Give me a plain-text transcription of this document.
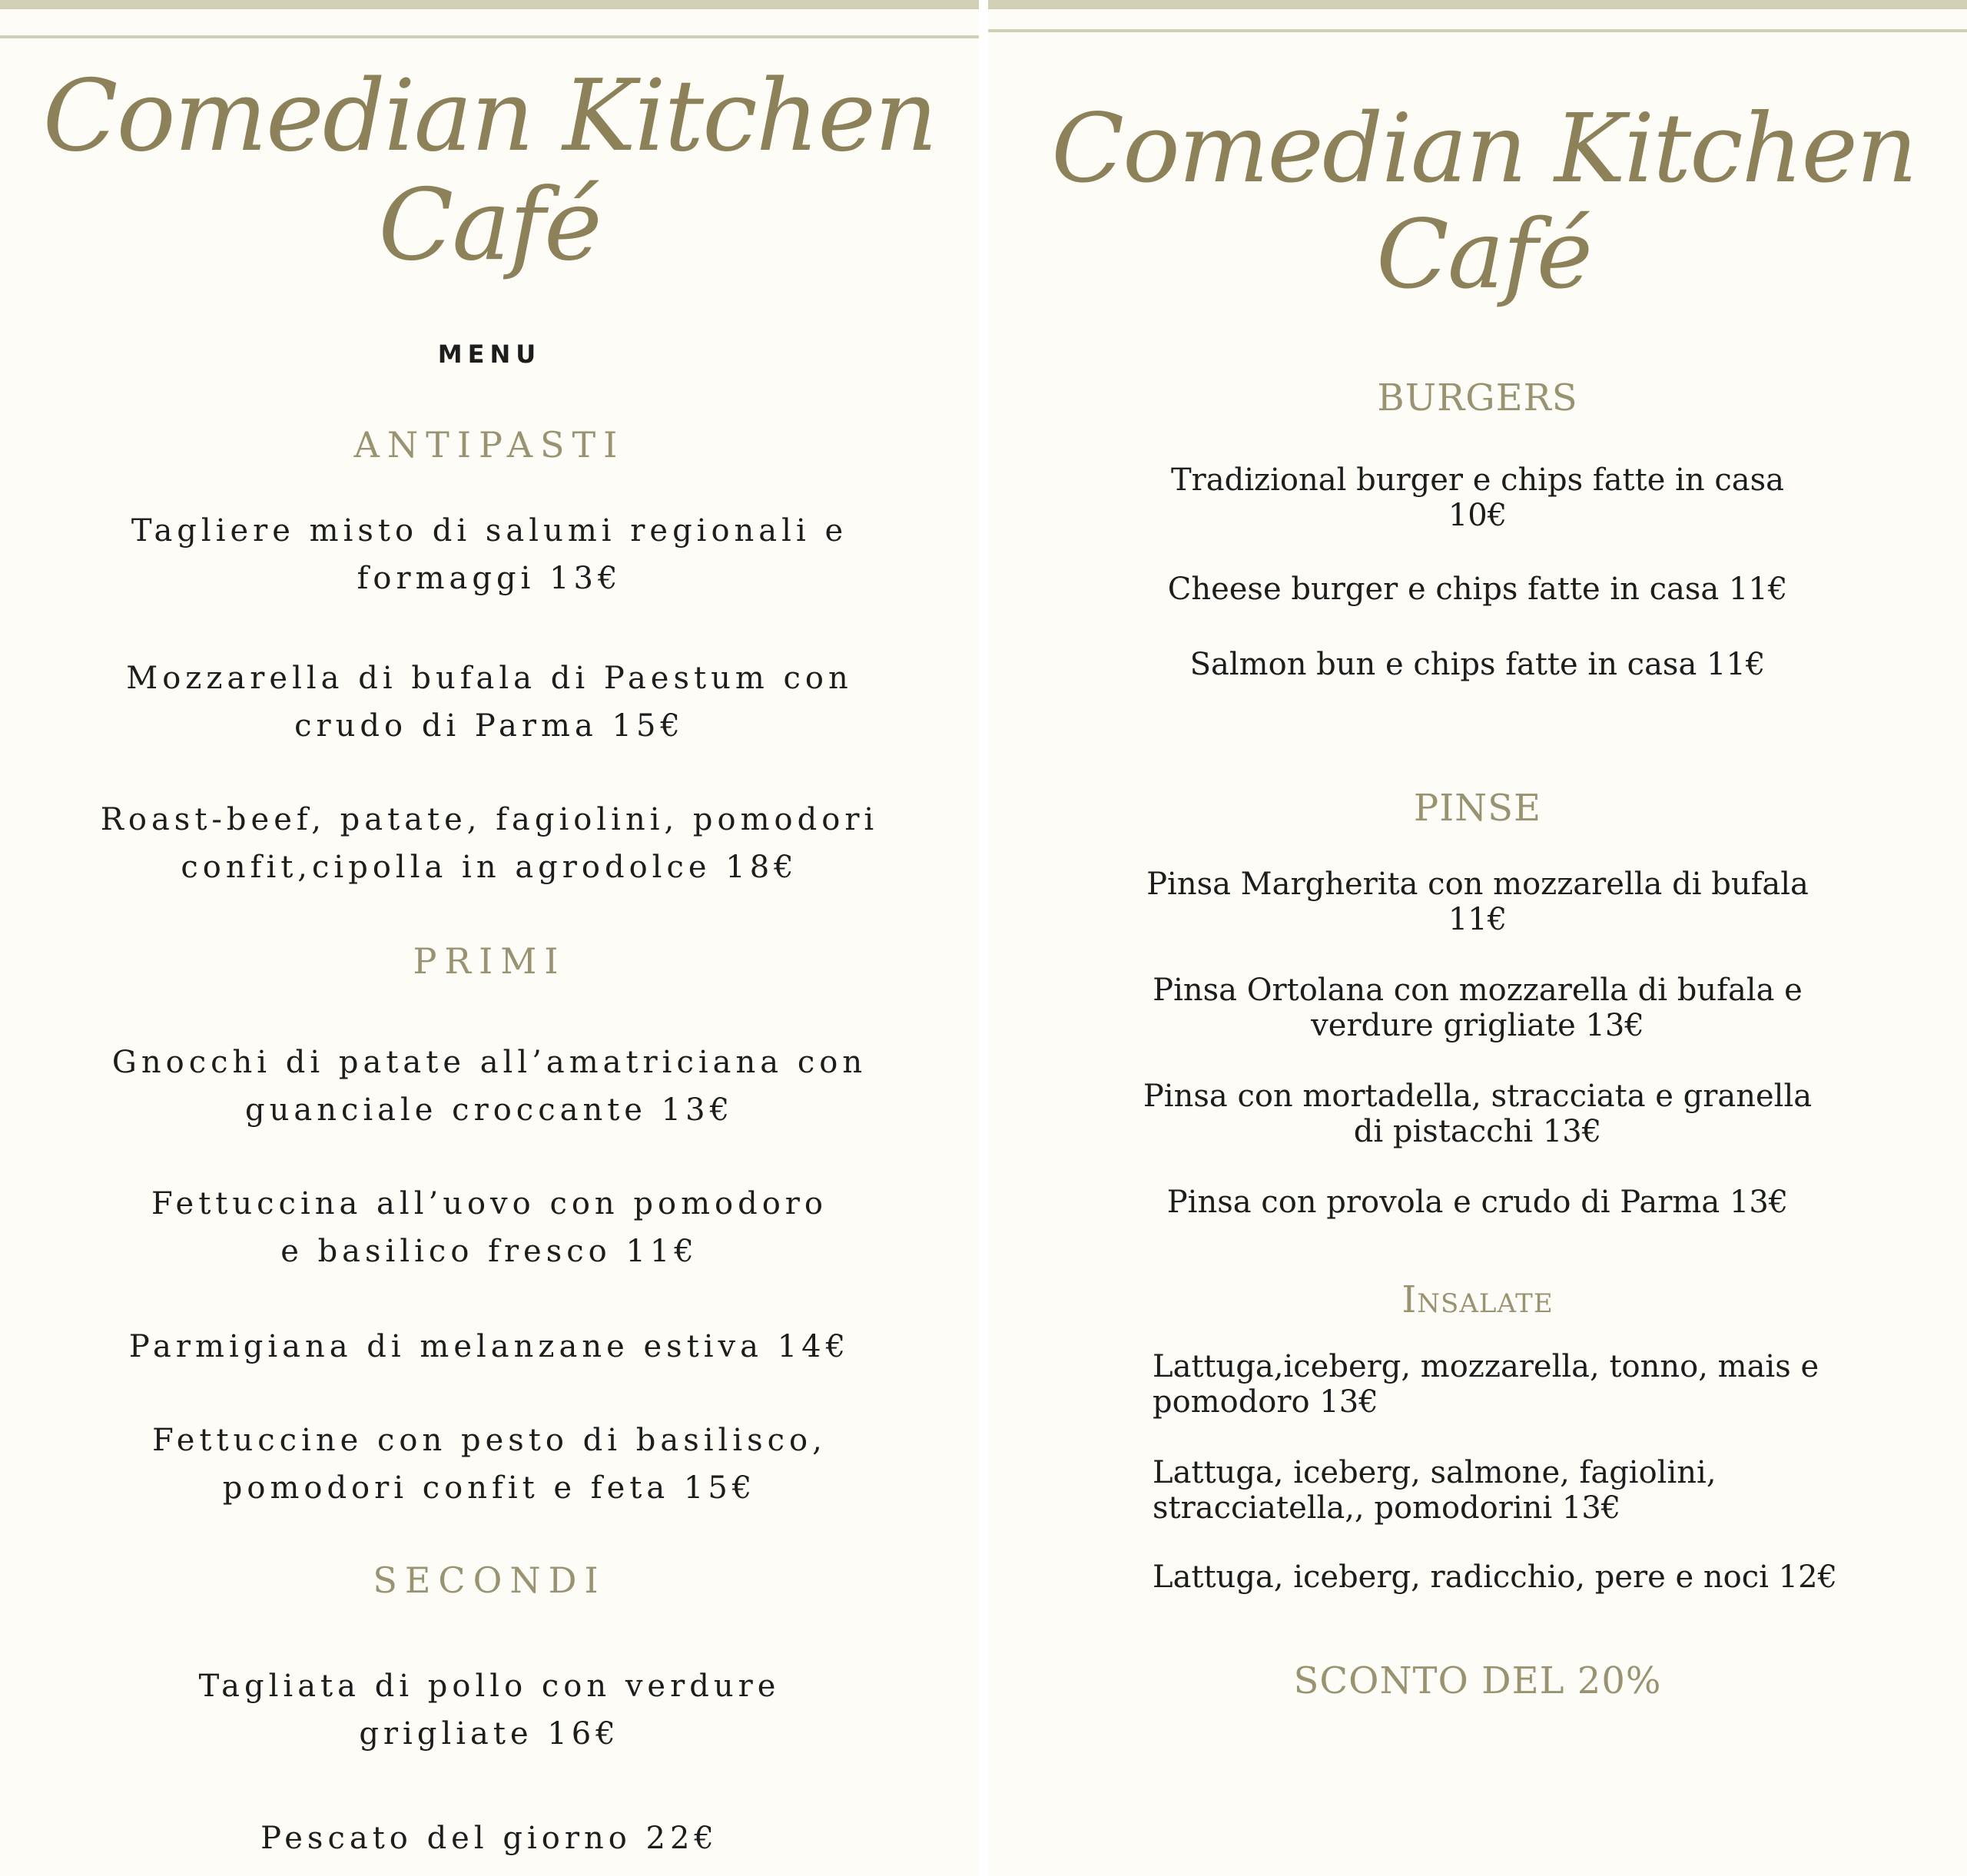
Comedian Kitchen
Café
MENU
ANTIPASTI
Tagliere misto di salumi regionali e
formaggi 13€
Mozzarella di bufala di Paestum con
crudo di Parma 15€
Roast-beef, patate, fagiolini, pomodori
confit,cipolla in agrodolce 18€
PRIMI
Gnocchi di patate all’amatriciana con
guanciale croccante 13€
Fettuccina all’uovo con pomodoro
e basilico fresco 11€
Parmigiana di melanzane estiva 14€
Fettuccine con pesto di basilisco,
pomodori confit e feta 15€
SECONDI
Tagliata di pollo con verdure
grigliate 16€
Pescato del giorno 22€
Comedian Kitchen
Café
BURGERS
Tradizional burger e chips fatte in casa
10€
Cheese burger e chips fatte in casa 11€
Salmon bun e chips fatte in casa 11€
PINSE
Pinsa Margherita con mozzarella di bufala
11€
Pinsa Ortolana con mozzarella di bufala e
verdure grigliate 13€
Pinsa con mortadella, stracciata e granella
di pistacchi 13€
Pinsa con provola e crudo di Parma 13€
Insalate
Lattuga,iceberg, mozzarella, tonno, mais e
pomodoro 13€
Lattuga, iceberg, salmone, fagiolini,
stracciatella,, pomodorini 13€
Lattuga, iceberg, radicchio, pere e noci 12€
SCONTO DEL 20%
